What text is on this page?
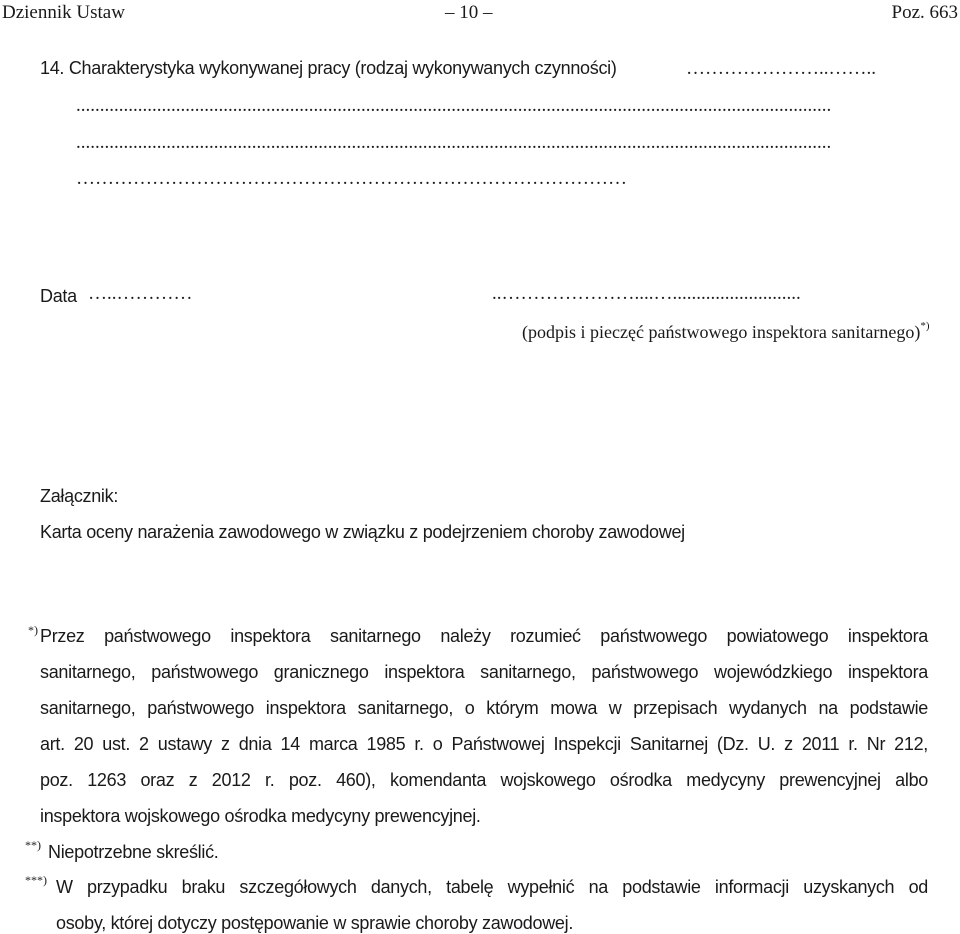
Dziennik Ustaw	– 10 –	Poz. 663
14. Charakterystyka wykonywanej pracy (rodzaj wykonywanych czynności)	…………………..……..
...............................................................................................................................................................
...............................................................................................................................................................
……………………………………………………………………………
Data …..…………	..…………………....…...........................
(podpis i pieczęć państwowego inspektora sanitarnego)*)
Załącznik:
Karta oceny narażenia zawodowego w związku z podejrzeniem choroby zawodowej
*) Przez państwowego inspektora sanitarnego należy rozumieć państwowego powiatowego inspektora
sanitarnego, państwowego granicznego inspektora sanitarnego, państwowego wojewódzkiego inspektora
sanitarnego, państwowego inspektora sanitarnego, o którym mowa w przepisach wydanych na podstawie
art. 20 ust. 2 ustawy z dnia 14 marca 1985 r. o Państwowej Inspekcji Sanitarnej (Dz. U. z 2011 r. Nr 212,
poz. 1263 oraz z 2012 r. poz. 460), komendanta wojskowego ośrodka medycyny prewencyjnej albo
inspektora wojskowego ośrodka medycyny prewencyjnej.
**) Niepotrzebne skreślić.
***) W przypadku braku szczegółowych danych, tabelę wypełnić na podstawie informacji uzyskanych od
osoby, której dotyczy postępowanie w sprawie choroby zawodowej.
